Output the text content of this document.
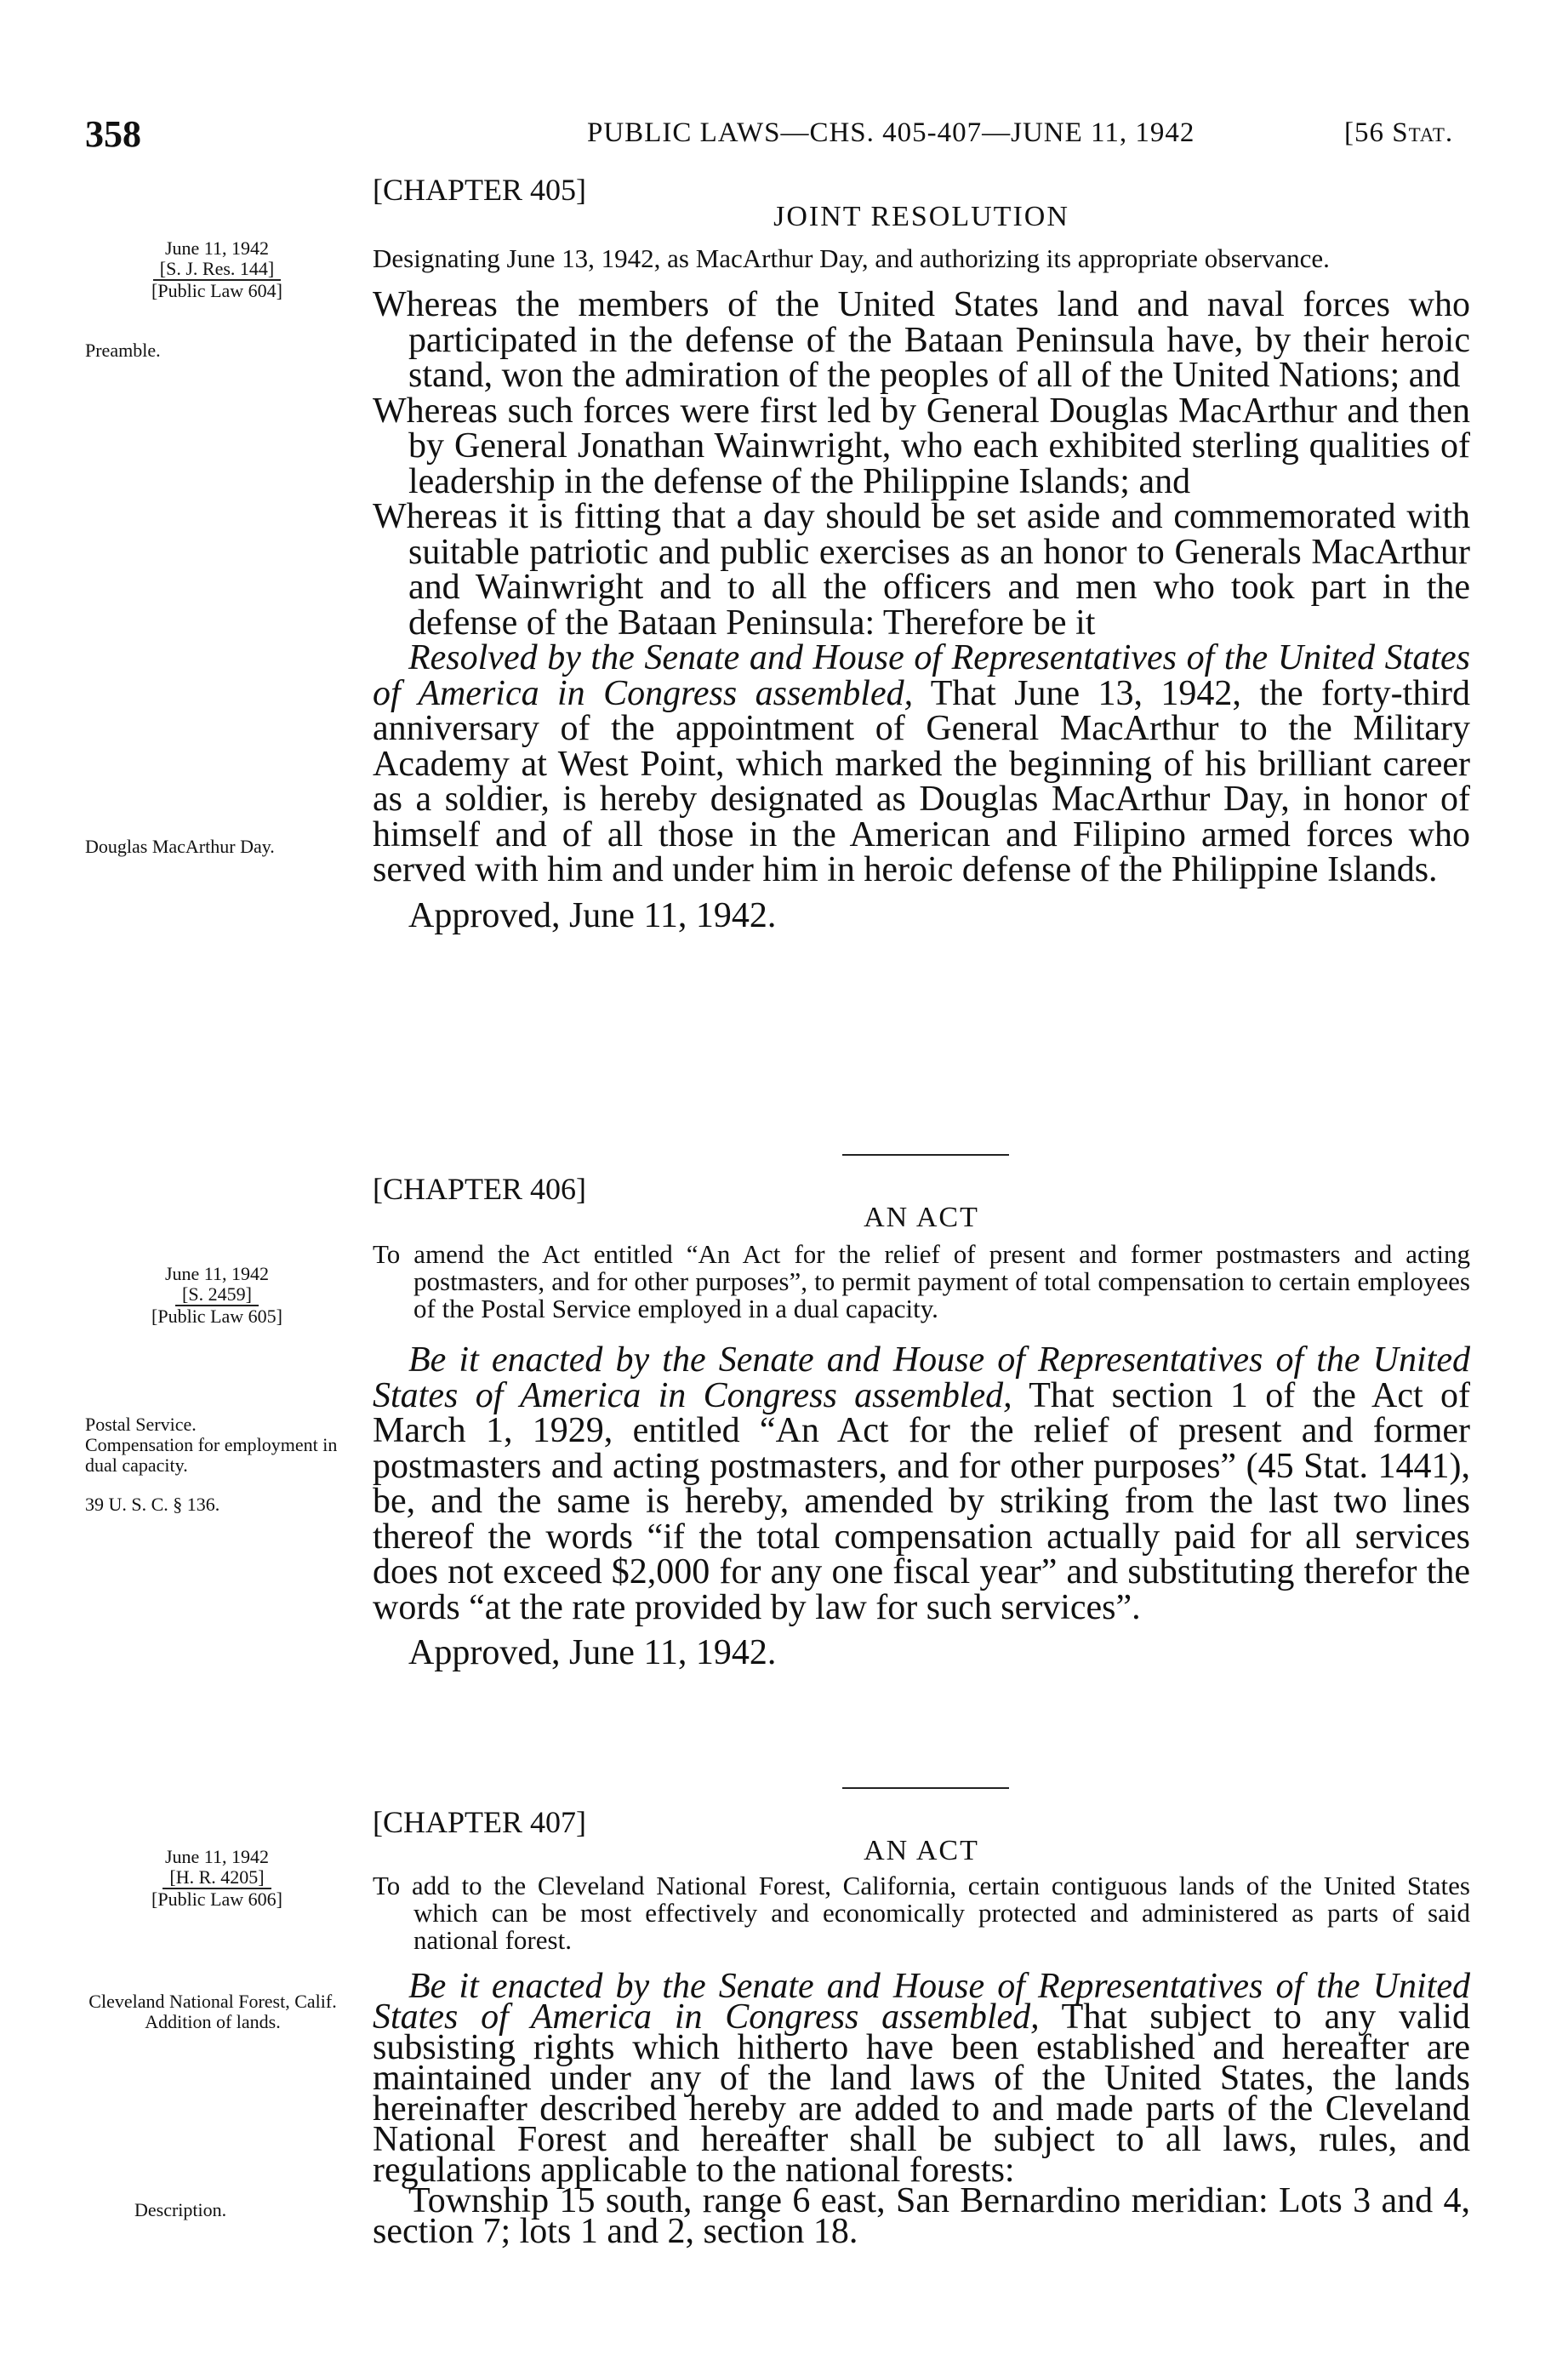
358	PUBLIC LAWS—CHS. 405-407—JUNE 11, 1942	[56 Stat.
June 11, 1942
[S. J. Res. 144]
[Public Law 604]
Preamble.
Douglas MacArthur Day.
[CHAPTER 405]
JOINT RESOLUTION
Designating June 13, 1942, as MacArthur Day, and authorizing its appropriate observance.

Whereas the members of the United States land and naval forces who participated in the defense of the Bataan Peninsula have, by their heroic stand, won the admiration of the peoples of all of the United Nations; and

Whereas such forces were first led by General Douglas MacArthur and then by General Jonathan Wainwright, who each exhibited sterling qualities of leadership in the defense of the Philippine Islands; and

Whereas it is fitting that a day should be set aside and commemorated with suitable patriotic and public exercises as an honor to Generals MacArthur and Wainwright and to all the officers and men who took part in the defense of the Bataan Peninsula: Therefore be it

Resolved by the Senate and House of Representatives of the United States of America in Congress assembled, That June 13, 1942, the forty-third anniversary of the appointment of General MacArthur to the Military Academy at West Point, which marked the beginning of his brilliant career as a soldier, is hereby designated as Douglas MacArthur Day, in honor of himself and of all those in the American and Filipino armed forces who served with him and under him in heroic defense of the Philippine Islands.

Approved, June 11, 1942.
June 11, 1942
[S. 2459]
[Public Law 605]
Postal Service.
Compensation for employment in dual capacity.
39 U. S. C. § 136.
[CHAPTER 406]
AN ACT
To amend the Act entitled “An Act for the relief of present and former postmasters and acting postmasters, and for other purposes”, to permit payment of total compensation to certain employees of the Postal Service employed in a dual capacity.

Be it enacted by the Senate and House of Representatives of the United States of America in Congress assembled, That section 1 of the Act of March 1, 1929, entitled “An Act for the relief of present and former postmasters and acting postmasters, and for other purposes” (45 Stat. 1441), be, and the same is hereby, amended by striking from the last two lines thereof the words “if the total compensation actually paid for all services does not exceed $2,000 for any one fiscal year” and substituting therefor the words “at the rate provided by law for such services”.

Approved, June 11, 1942.
June 11, 1942
[H. R. 4205]
[Public Law 606]
Cleveland National Forest, Calif.
Addition of lands.
Description.
[CHAPTER 407]
AN ACT
To add to the Cleveland National Forest, California, certain contiguous lands of the United States which can be most effectively and economically protected and administered as parts of said national forest.

Be it enacted by the Senate and House of Representatives of the United States of America in Congress assembled, That subject to any valid subsisting rights which hitherto have been established and hereafter are maintained under any of the land laws of the United States, the lands hereinafter described hereby are added to and made parts of the Cleveland National Forest and hereafter shall be subject to all laws, rules, and regulations applicable to the national forests:

Township 15 south, range 6 east, San Bernardino meridian: Lots 3 and 4, section 7; lots 1 and 2, section 18.
